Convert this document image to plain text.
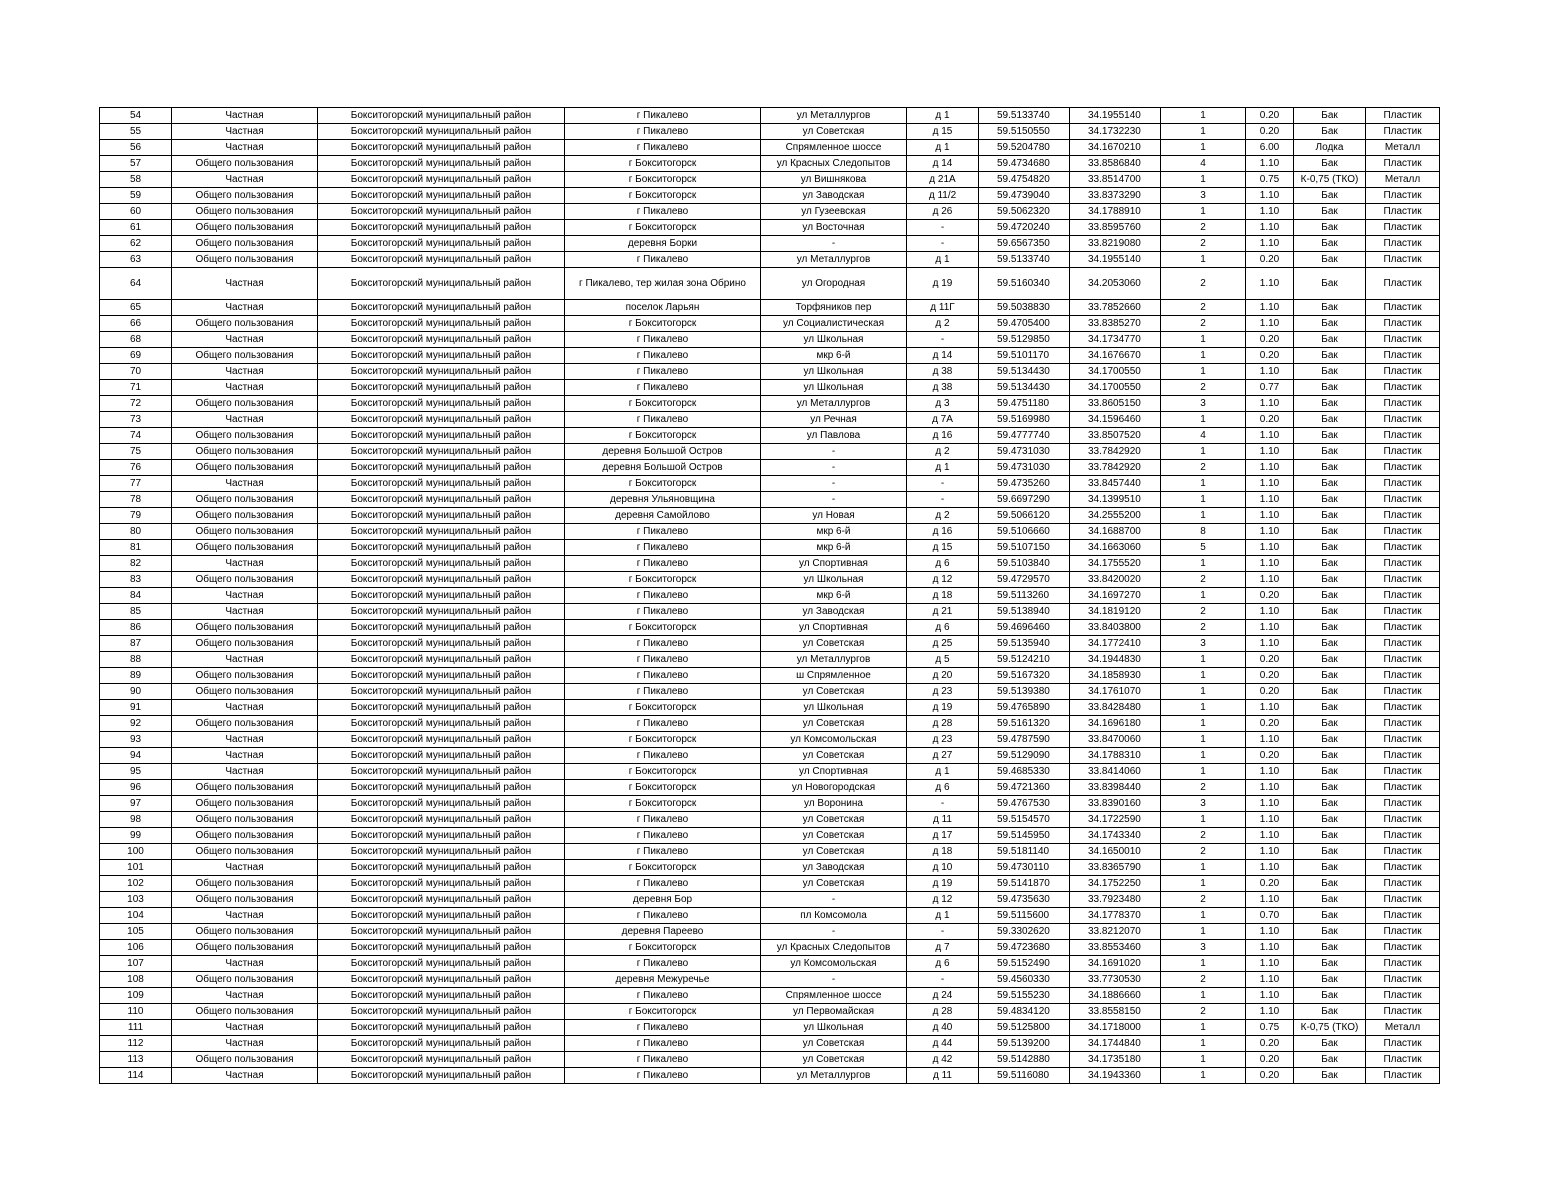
54	Частная	Бокситогорский муниципальный район	г Пикалево	ул Металлургов	д 1	59.5133740	34.1955140	1	0.20	Бак	Пластик
55	Частная	Бокситогорский муниципальный район	г Пикалево	ул Советская	д 15	59.5150550	34.1732230	1	0.20	Бак	Пластик
56	Частная	Бокситогорский муниципальный район	г Пикалево	Спрямленное шоссе	д 1	59.5204780	34.1670210	1	6.00	Лодка	Металл
57	Общего пользования	Бокситогорский муниципальный район	г Бокситогорск	ул Красных Следопытов	д 14	59.4734680	33.8586840	4	1.10	Бак	Пластик
58	Частная	Бокситогорский муниципальный район	г Бокситогорск	ул Вишнякова	д 21А	59.4754820	33.8514700	1	0.75	К-0,75 (ТКО)	Металл
59	Общего пользования	Бокситогорский муниципальный район	г Бокситогорск	ул Заводская	д 11/2	59.4739040	33.8373290	3	1.10	Бак	Пластик
60	Общего пользования	Бокситогорский муниципальный район	г Пикалево	ул Гузеевская	д 26	59.5062320	34.1788910	1	1.10	Бак	Пластик
61	Общего пользования	Бокситогорский муниципальный район	г Бокситогорск	ул Восточная	-	59.4720240	33.8595760	2	1.10	Бак	Пластик
62	Общего пользования	Бокситогорский муниципальный район	деревня Борки	-	-	59.6567350	33.8219080	2	1.10	Бак	Пластик
63	Общего пользования	Бокситогорский муниципальный район	г Пикалево	ул Металлургов	д 1	59.5133740	34.1955140	1	0.20	Бак	Пластик
64	Частная	Бокситогорский муниципальный район	г Пикалево, тер жилая зона Обрино	ул Огородная	д 19	59.5160340	34.2053060	2	1.10	Бак	Пластик
65	Частная	Бокситогорский муниципальный район	поселок Ларьян	Торфяников пер	д 11Г	59.5038830	33.7852660	2	1.10	Бак	Пластик
66	Общего пользования	Бокситогорский муниципальный район	г Бокситогорск	ул Социалистическая	д 2	59.4705400	33.8385270	2	1.10	Бак	Пластик
68	Частная	Бокситогорский муниципальный район	г Пикалево	ул Школьная	-	59.5129850	34.1734770	1	0.20	Бак	Пластик
69	Общего пользования	Бокситогорский муниципальный район	г Пикалево	мкр 6-й	д 14	59.5101170	34.1676670	1	0.20	Бак	Пластик
70	Частная	Бокситогорский муниципальный район	г Пикалево	ул Школьная	д 38	59.5134430	34.1700550	1	1.10	Бак	Пластик
71	Частная	Бокситогорский муниципальный район	г Пикалево	ул Школьная	д 38	59.5134430	34.1700550	2	0.77	Бак	Пластик
72	Общего пользования	Бокситогорский муниципальный район	г Бокситогорск	ул Металлургов	д 3	59.4751180	33.8605150	3	1.10	Бак	Пластик
73	Частная	Бокситогорский муниципальный район	г Пикалево	ул Речная	д 7А	59.5169980	34.1596460	1	0.20	Бак	Пластик
74	Общего пользования	Бокситогорский муниципальный район	г Бокситогорск	ул Павлова	д 16	59.4777740	33.8507520	4	1.10	Бак	Пластик
75	Общего пользования	Бокситогорский муниципальный район	деревня Большой Остров	-	д 2	59.4731030	33.7842920	1	1.10	Бак	Пластик
76	Общего пользования	Бокситогорский муниципальный район	деревня Большой Остров	-	д 1	59.4731030	33.7842920	2	1.10	Бак	Пластик
77	Частная	Бокситогорский муниципальный район	г Бокситогорск	-	-	59.4735260	33.8457440	1	1.10	Бак	Пластик
78	Общего пользования	Бокситогорский муниципальный район	деревня Ульяновщина	-	-	59.6697290	34.1399510	1	1.10	Бак	Пластик
79	Общего пользования	Бокситогорский муниципальный район	деревня Самойлово	ул Новая	д 2	59.5066120	34.2555200	1	1.10	Бак	Пластик
80	Общего пользования	Бокситогорский муниципальный район	г Пикалево	мкр 6-й	д 16	59.5106660	34.1688700	8	1.10	Бак	Пластик
81	Общего пользования	Бокситогорский муниципальный район	г Пикалево	мкр 6-й	д 15	59.5107150	34.1663060	5	1.10	Бак	Пластик
82	Частная	Бокситогорский муниципальный район	г Пикалево	ул Спортивная	д 6	59.5103840	34.1755520	1	1.10	Бак	Пластик
83	Общего пользования	Бокситогорский муниципальный район	г Бокситогорск	ул Школьная	д 12	59.4729570	33.8420020	2	1.10	Бак	Пластик
84	Частная	Бокситогорский муниципальный район	г Пикалево	мкр 6-й	д 18	59.5113260	34.1697270	1	0.20	Бак	Пластик
85	Частная	Бокситогорский муниципальный район	г Пикалево	ул Заводская	д 21	59.5138940	34.1819120	2	1.10	Бак	Пластик
86	Общего пользования	Бокситогорский муниципальный район	г Бокситогорск	ул Спортивная	д 6	59.4696460	33.8403800	2	1.10	Бак	Пластик
87	Общего пользования	Бокситогорский муниципальный район	г Пикалево	ул Советская	д 25	59.5135940	34.1772410	3	1.10	Бак	Пластик
88	Частная	Бокситогорский муниципальный район	г Пикалево	ул Металлургов	д 5	59.5124210	34.1944830	1	0.20	Бак	Пластик
89	Общего пользования	Бокситогорский муниципальный район	г Пикалево	ш Спрямленное	д 20	59.5167320	34.1858930	1	0.20	Бак	Пластик
90	Общего пользования	Бокситогорский муниципальный район	г Пикалево	ул Советская	д 23	59.5139380	34.1761070	1	0.20	Бак	Пластик
91	Частная	Бокситогорский муниципальный район	г Бокситогорск	ул Школьная	д 19	59.4765890	33.8428480	1	1.10	Бак	Пластик
92	Общего пользования	Бокситогорский муниципальный район	г Пикалево	ул Советская	д 28	59.5161320	34.1696180	1	0.20	Бак	Пластик
93	Частная	Бокситогорский муниципальный район	г Бокситогорск	ул Комсомольская	д 23	59.4787590	33.8470060	1	1.10	Бак	Пластик
94	Частная	Бокситогорский муниципальный район	г Пикалево	ул Советская	д 27	59.5129090	34.1788310	1	0.20	Бак	Пластик
95	Частная	Бокситогорский муниципальный район	г Бокситогорск	ул Спортивная	д 1	59.4685330	33.8414060	1	1.10	Бак	Пластик
96	Общего пользования	Бокситогорский муниципальный район	г Бокситогорск	ул Новогородская	д 6	59.4721360	33.8398440	2	1.10	Бак	Пластик
97	Общего пользования	Бокситогорский муниципальный район	г Бокситогорск	ул Воронина	-	59.4767530	33.8390160	3	1.10	Бак	Пластик
98	Общего пользования	Бокситогорский муниципальный район	г Пикалево	ул Советская	д 11	59.5154570	34.1722590	1	1.10	Бак	Пластик
99	Общего пользования	Бокситогорский муниципальный район	г Пикалево	ул Советская	д 17	59.5145950	34.1743340	2	1.10	Бак	Пластик
100	Общего пользования	Бокситогорский муниципальный район	г Пикалево	ул Советская	д 18	59.5181140	34.1650010	2	1.10	Бак	Пластик
101	Частная	Бокситогорский муниципальный район	г Бокситогорск	ул Заводская	д 10	59.4730110	33.8365790	1	1.10	Бак	Пластик
102	Общего пользования	Бокситогорский муниципальный район	г Пикалево	ул Советская	д 19	59.5141870	34.1752250	1	0.20	Бак	Пластик
103	Общего пользования	Бокситогорский муниципальный район	деревня Бор	-	д 12	59.4735630	33.7923480	2	1.10	Бак	Пластик
104	Частная	Бокситогорский муниципальный район	г Пикалево	пл Комсомола	д 1	59.5115600	34.1778370	1	0.70	Бак	Пластик
105	Общего пользования	Бокситогорский муниципальный район	деревня Пареево	-	-	59.3302620	33.8212070	1	1.10	Бак	Пластик
106	Общего пользования	Бокситогорский муниципальный район	г Бокситогорск	ул Красных Следопытов	д 7	59.4723680	33.8553460	3	1.10	Бак	Пластик
107	Частная	Бокситогорский муниципальный район	г Пикалево	ул Комсомольская	д 6	59.5152490	34.1691020	1	1.10	Бак	Пластик
108	Общего пользования	Бокситогорский муниципальный район	деревня Межуречье	-	-	59.4560330	33.7730530	2	1.10	Бак	Пластик
109	Частная	Бокситогорский муниципальный район	г Пикалево	Спрямленное шоссе	д 24	59.5155230	34.1886660	1	1.10	Бак	Пластик
110	Общего пользования	Бокситогорский муниципальный район	г Бокситогорск	ул Первомайская	д 28	59.4834120	33.8558150	2	1.10	Бак	Пластик
111	Частная	Бокситогорский муниципальный район	г Пикалево	ул Школьная	д 40	59.5125800	34.1718000	1	0.75	К-0,75 (ТКО)	Металл
112	Частная	Бокситогорский муниципальный район	г Пикалево	ул Советская	д 44	59.5139200	34.1744840	1	0.20	Бак	Пластик
113	Общего пользования	Бокситогорский муниципальный район	г Пикалево	ул Советская	д 42	59.5142880	34.1735180	1	0.20	Бак	Пластик
114	Частная	Бокситогорский муниципальный район	г Пикалево	ул Металлургов	д 11	59.5116080	34.1943360	1	0.20	Бак	Пластик
